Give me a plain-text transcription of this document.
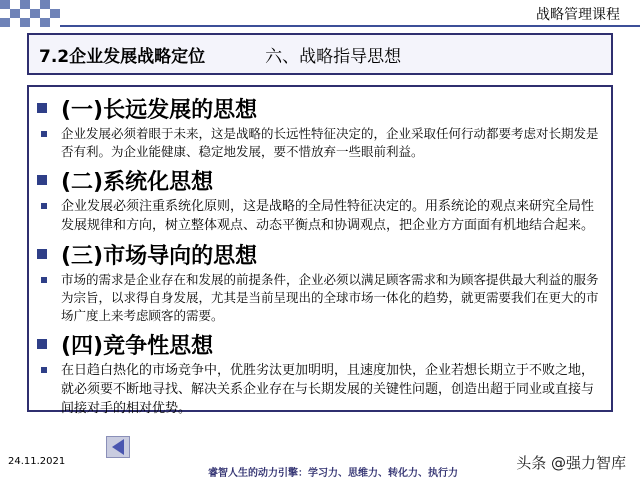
战略管理课程
7.2企业发展战略定位	六、战略指导思想
(一)长远发展的思想
企业发展必须着眼于未来，这是战略的长远性特征决定的，企业采取任何行动都要考虑对长期发是否有利。为企业能健康、稳定地发展，要不惜放弃一些眼前利益。
(二)系统化思想
企业发展必须注重系统化原则，这是战略的全局性特征决定的。用系统论的观点来研究全局性发展规律和方向，树立整体观点、动态平衡点和协调观点，把企业方方面面有机地结合起来。
(三)市场导向的思想
市场的需求是企业存在和发展的前提条件，企业必须以满足顾客需求和为顾客提供最大利益的服务为宗旨，以求得自身发展，尤其是当前呈现出的全球市场一体化的趋势，就更需要我们在更大的市场广度上来考虑顾客的需要。
(四)竞争性思想
在日趋白热化的市场竞争中，优胜劣汰更加明明，且速度加快，企业若想长期立于不败之地，就必须要不断地寻找、解决关系企业存在与长期发展的关键性问题，创造出超于同业或直接与间接对手的相对优势。
24.11.2021
睿智人生的动力引擎：学习力、思维力、转化力、执行力
头条 @强力智库
